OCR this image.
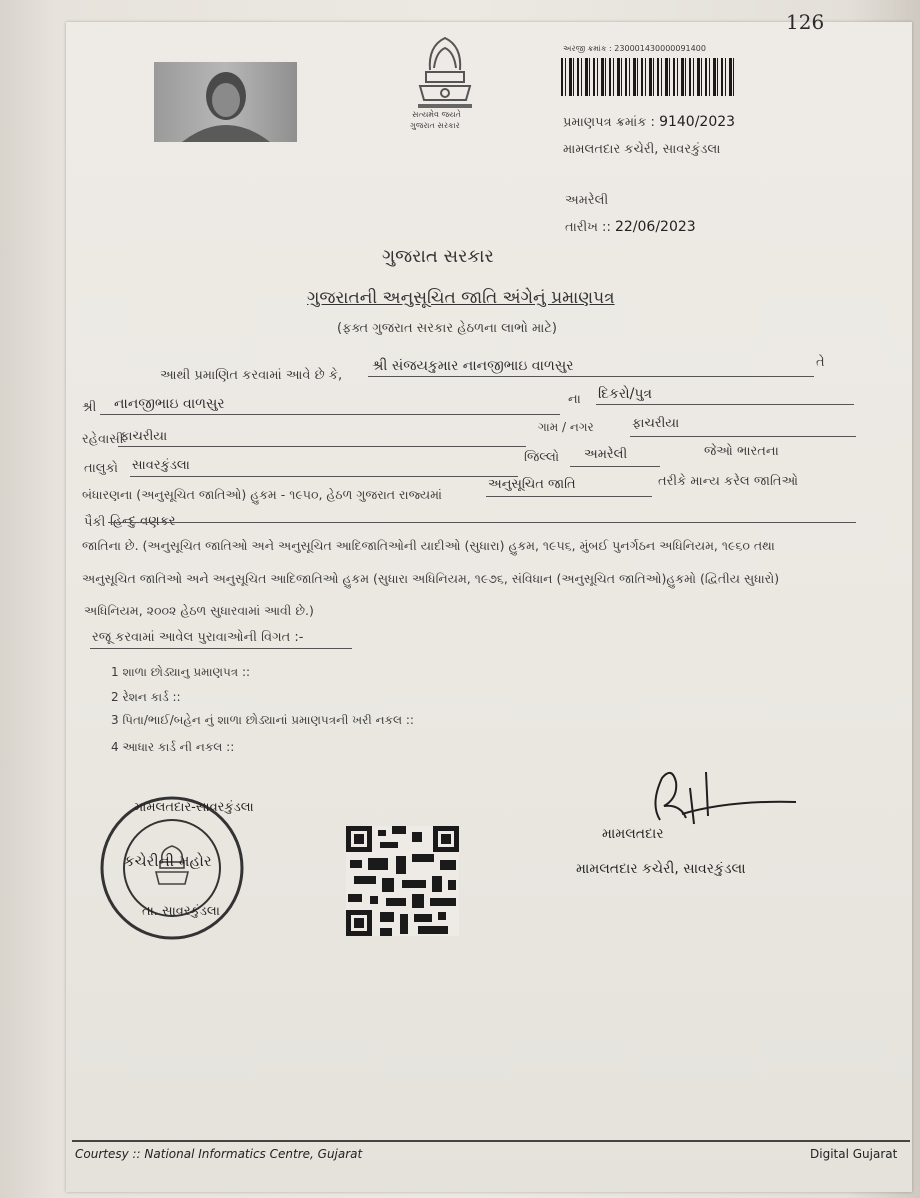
126
સત્યમેવ જયતે
ગુજરાત સરકાર
અરજી ક્રમાંક : 230001430000091400
પ્રમાણપત્ર ક્રમાંક : 9140/2023
મામલતદાર કચેરી, સાવરકુંડલા
અમરેલી
તારીખ :: 22/06/2023
ગુજરાત સરકાર
ગુજરાતની અનુસૂચિત જાતિ અંગેનું પ્રમાણપત્ર
(ફક્ત ગુજરાત સરકાર હેઠળના લાભો માટે)
આથી પ્રમાણિત કરવામાં આવે છે કે,
શ્રી સંજયકુમાર નાનજીભાઇ વાળસુર	તે
શ્રી નાનજીભાઇ વાળસુર	ના દિકરો/પુત્ર
રહેવાસી
ફાચરીયા
ગામ / નગર	ફાચરીયા
તાલુકો સાવરકુંડલા
જિલ્લો અમરેલી	જેઓ ભારતના
બંધારણના (અનુસૂચિત જાતિઓ) હુકમ - ૧૯૫૦, હેઠળ ગુજરાત રાજ્યમાં
અનુસૂચિત જાતિ	તરીકે માન્ય કરેલ જાતિઓ
પૈકી હિન્દુ વણકર
જાતિના છે. (અનુસૂચિત જાતિઓ અને અનુસૂચિત આદિજાતિઓની યાદીઓ (સુધારા) હુકમ, ૧૯૫૬, મુંબઈ પુનર્ગઠન અધિનિયમ, ૧૯૬૦ તથા
અનુસૂચિત જાતિઓ અને અનુસૂચિત આદિજાતિઓ હુકમ (સુધારા અધિનિયમ, ૧૯૭૬, સંવિધાન (અનુસૂચિત જાતિઓ)હુકમો (દ્વિતીય સુધારો)
અધિનિયમ, ૨૦૦૨ હેઠળ સુધારવામાં આવી છે.)
રજૂ કરવામાં આવેલ પુરાવાઓની વિગત :-
1 શાળા છોડ્યાનુ પ્રમાણપત્ર ::
2 રેશન કાર્ડ ::
3 પિતા/ભાઈ/બહેન નું શાળા છોડ્યાનાં પ્રમાણપત્રની ખરી નકલ ::
4 આધાર કાર્ડ ની નકલ ::
મામલતદાર-સાવરકુંડલા
કચેરીની મહોર
તા. સાવરકુંડલા
મામલતદાર
મામલતદાર કચેરી, સાવરકુંડલા
Courtesy :: National Informatics Centre, Gujarat	Digital Gujarat
